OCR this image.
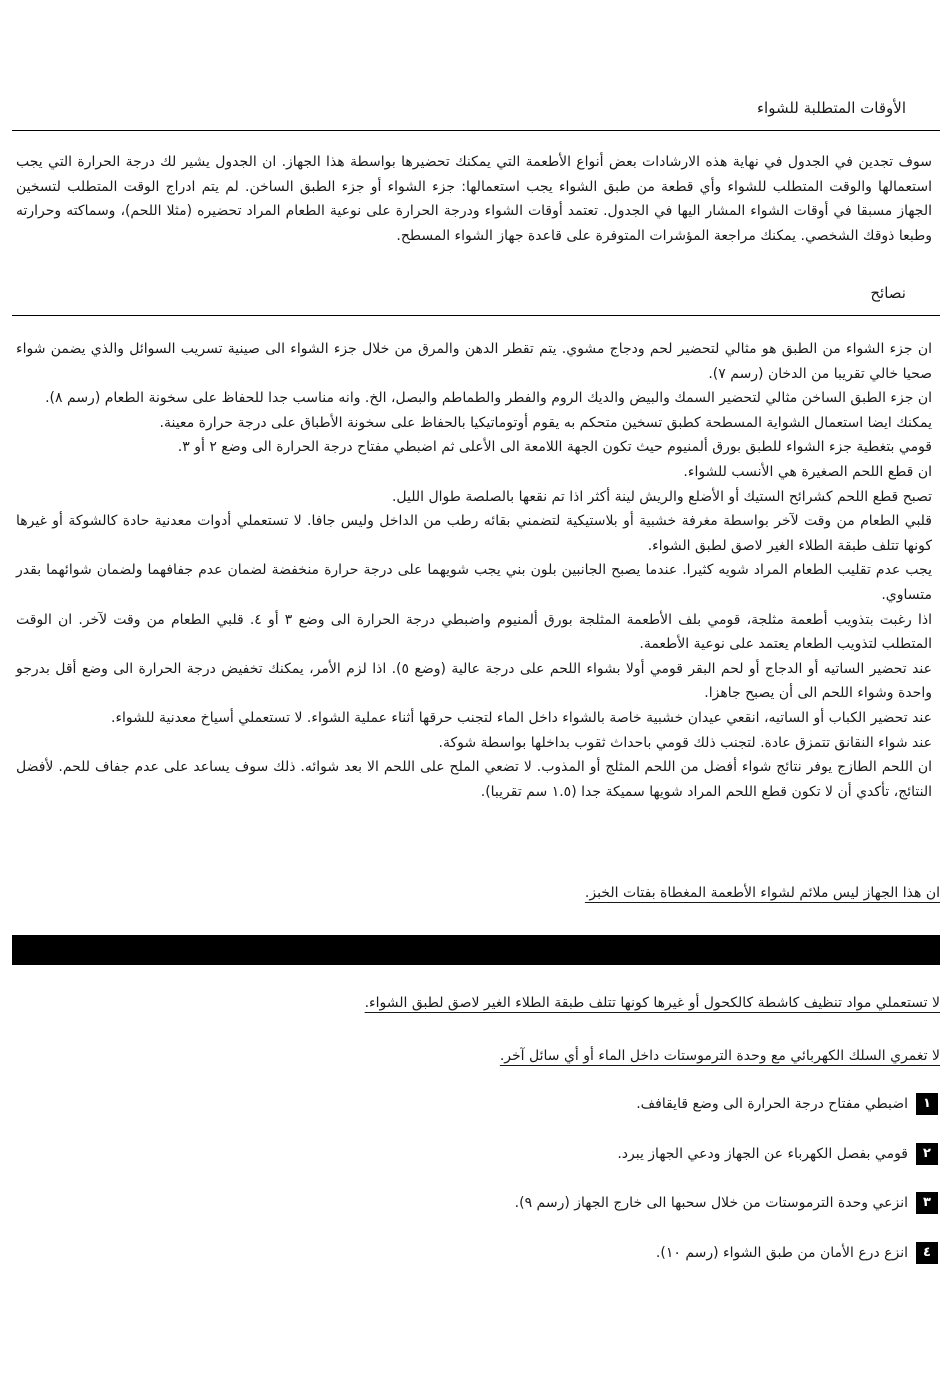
الأوقات المتطلبة للشواء
سوف تجدين في الجدول في نهاية هذه الارشادات بعض أنواع الأطعمة التي يمكنك تحضيرها بواسطة هذا الجهاز. ان الجدول يشير لك درجة الحرارة التي يجب استعمالها والوقت المتطلب للشواء وأي قطعة من طبق الشواء يجب استعمالها: جزء الشواء أو جزء الطبق الساخن. لم يتم ادراج الوقت المتطلب لتسخين الجهاز مسبقا في أوقات الشواء المشار اليها في الجدول. تعتمد أوقات الشواء ودرجة الحرارة على نوعية الطعام المراد تحضيره (مثلا اللحم)، وسماكته وحرارته وطبعا ذوقك الشخصي. يمكنك مراجعة المؤشرات المتوفرة على قاعدة جهاز الشواء المسطح.
نصائح

ان جزء الشواء من الطبق هو مثالي لتحضير لحم ودجاج مشوي. يتم تقطر الدهن والمرق من خلال جزء الشواء الى صينية تسريب السوائل والذي يضمن شواء صحيا خالي تقريبا من الدخان (رسم ٧).

ان جزء الطبق الساخن مثالي لتحضير السمك والبيض والديك الروم والفطر والطماطم والبصل، الخ. وانه مناسب جدا للحفاظ على سخونة الطعام (رسم ٨).

يمكنك ايضا استعمال الشواية المسطحة كطبق تسخين متحكم به يقوم أوتوماتيكيا بالحفاظ على سخونة الأطباق على درجة حرارة معينة.

قومي بتغطية جزء الشواء للطبق بورق ألمنيوم حيث تكون الجهة اللامعة الى الأعلى ثم اضبطي مفتاح درجة الحرارة الى وضع ٢ أو ٣.

ان قطع اللحم الصغيرة هي الأنسب للشواء.

تصبح قطع اللحم كشرائح الستيك أو الأضلع والريش لينة أكثر اذا تم نقعها بالصلصة طوال الليل.

قلبي الطعام من وقت لآخر بواسطة مغرفة خشبية أو بلاستيكية لتضمني بقائه رطب من الداخل وليس جافا. لا تستعملي أدوات معدنية حادة كالشوكة أو غيرها كونها تتلف طبقة الطلاء الغير لاصق لطبق الشواء.

يجب عدم تقليب الطعام المراد شويه كثيرا. عندما يصبح الجانبين بلون بني يجب شويهما على درجة حرارة منخفضة لضمان عدم جفافهما ولضمان شوائهما بقدر متساوي.

اذا رغبت بتذويب أطعمة مثلجة، قومي بلف الأطعمة المثلجة بورق ألمنيوم واضبطي درجة الحرارة الى وضع ٣ أو ٤. قلبي الطعام من وقت لآخر. ان الوقت المتطلب لتذويب الطعام يعتمد على نوعية الأطعمة.

عند تحضير الساتيه أو الدجاج أو لحم البقر قومي أولا بشواء اللحم على درجة عالية (وضع ٥). اذا لزم الأمر، يمكنك تخفيض درجة الحرارة الى وضع أقل بدرجو واحدة وشواء اللحم الى أن يصبح جاهزا.

عند تحضير الكباب أو الساتيه، انقعي عيدان خشبية خاصة بالشواء داخل الماء لتجنب حرقها أثناء عملية الشواء. لا تستعملي أسياخ معدنية للشواء.

عند شواء النقانق تتمزق عادة. لتجنب ذلك قومي باحداث ثقوب بداخلها بواسطة شوكة.

ان اللحم الطازج يوفر نتائج شواء أفضل من اللحم المثلج أو المذوب. لا تضعي الملح على اللحم الا بعد شوائه. ذلك سوف يساعد على عدم جفاف للحم. لأفضل النتائج، تأكدي أن لا تكون قطع اللحم المراد شويها سميكة جدا (١.٥ سم تقريبا).

ان هذا الجهاز ليس ملائم لشواء الأطعمة المغطاة بفتات الخبز.
لا تستعملي مواد تنظيف كاشطة كالكحول أو غيرها كونها تتلف طبقة الطلاء الغير لاصق لطبق الشواء.
لا تغمري السلك الكهربائي مع وحدة الترموستات داخل الماء أو أي سائل آخر.
١
اضبطي مفتاح درجة الحرارة الى وضع قايقافف.
٢
قومي بفصل الكهرباء عن الجهاز ودعي الجهاز يبرد.
٣
انزعي وحدة الترموستات من خلال سحبها الى خارج الجهاز (رسم ٩).
٤
انزع درع الأمان من طبق الشواء (رسم ١٠).
